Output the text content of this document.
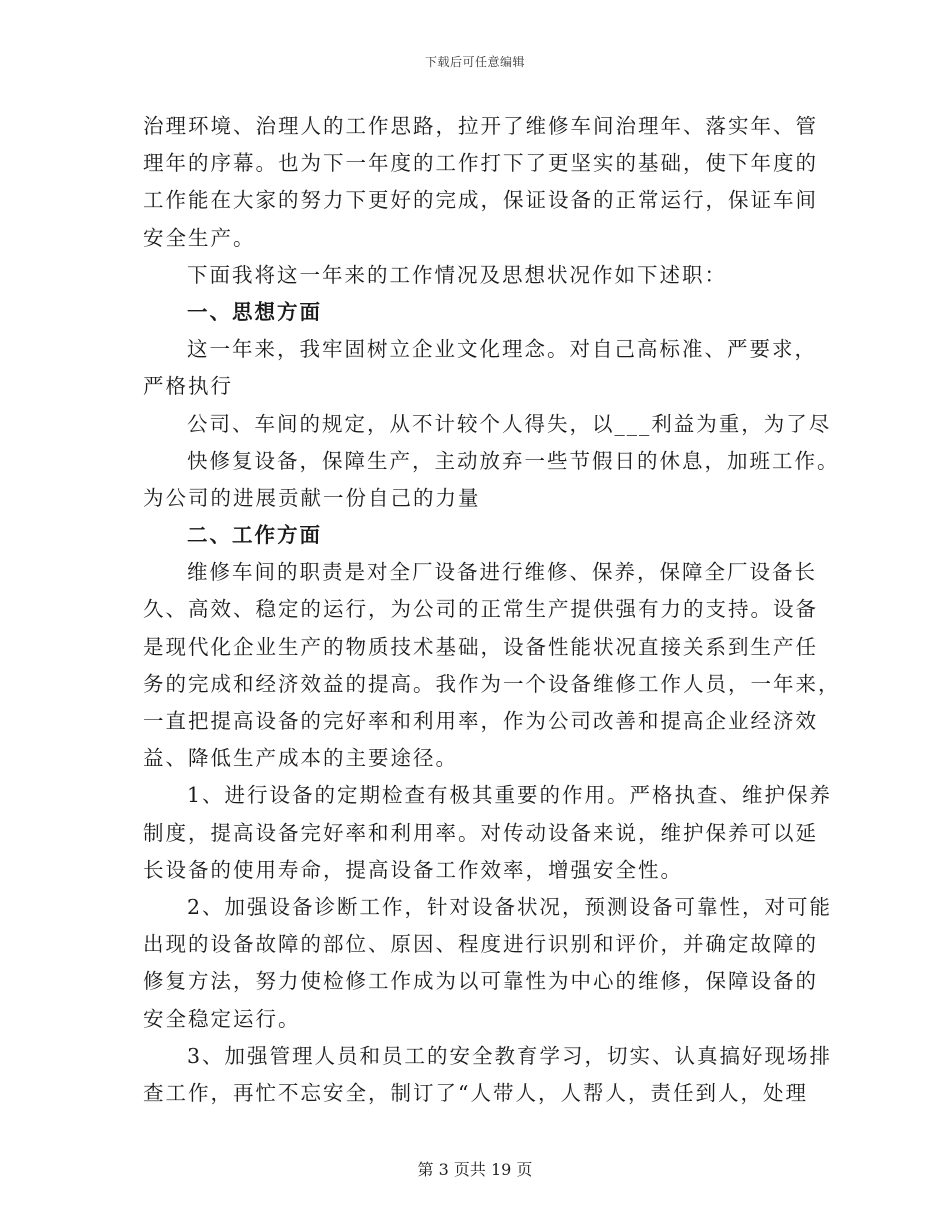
下载后可任意编辑
治理环境、治理人的工作思路，拉开了维修车间治理年、落实年、管
理年的序幕。也为下一年度的工作打下了更坚实的基础，使下年度的
工作能在大家的努力下更好的完成，保证设备的正常运行，保证车间
安全生产。
下面我将这一年来的工作情况及思想状况作如下述职：
一、思想方面
这一年来，我牢固树立企业文化理念。对自己高标准、严要求，
严格执行
公司、车间的规定，从不计较个人得失，以___利益为重，为了尽
快修复设备，保障生产，主动放弃一些节假日的休息，加班工作。
为公司的进展贡献一份自己的力量
二、工作方面
维修车间的职责是对全厂设备进行维修、保养，保障全厂设备长
久、高效、稳定的运行，为公司的正常生产提供强有力的支持。设备
是现代化企业生产的物质技术基础，设备性能状况直接关系到生产任
务的完成和经济效益的提高。我作为一个设备维修工作人员，一年来，
一直把提高设备的完好率和利用率，作为公司改善和提高企业经济效
益、降低生产成本的主要途径。
1、进行设备的定期检查有极其重要的作用。严格执查、维护保养
制度，提高设备完好率和利用率。对传动设备来说，维护保养可以延
长设备的使用寿命，提高设备工作效率，增强安全性。
2、加强设备诊断工作，针对设备状况，预测设备可靠性，对可能
出现的设备故障的部位、原因、程度进行识别和评价，并确定故障的
修复方法，努力使检修工作成为以可靠性为中心的维修，保障设备的
安全稳定运行。
3、加强管理人员和员工的安全教育学习，切实、认真搞好现场排
查工作，再忙不忘安全，制订了“人带人，人帮人，责任到人，处理
第 3 页共 19 页
